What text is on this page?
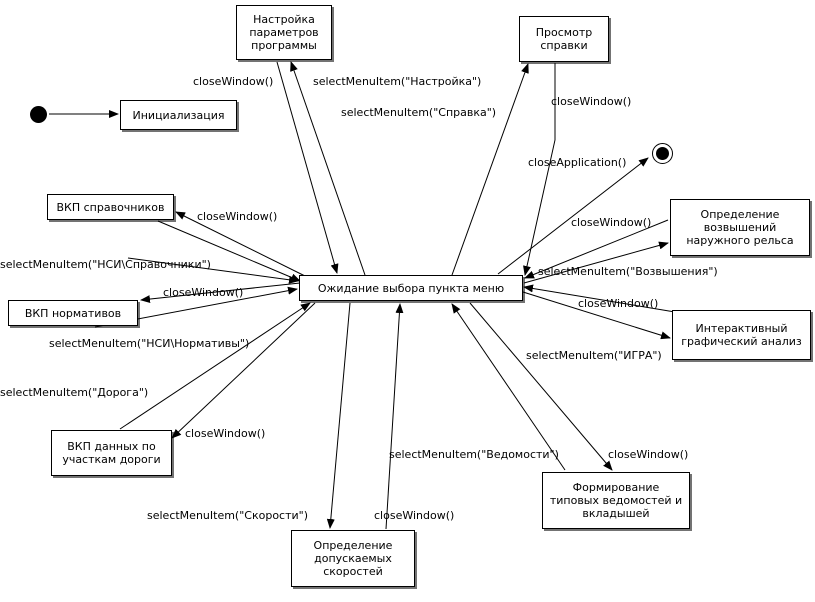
Инициализация
Настройка
параметров
программы
Просмотр
справки
Ожидание выбора пункта меню
ВКП справочников
ВКП нормативов
ВКП данных по
участкам дороги
Определение
допускаемых
скоростей
Формирование
типовых ведомостей и
вкладышей
Интерактивный
графический анализ
Определение
возвышений
наружного рельса
closeWindow()	selectMenuItem("Настройка")
selectMenuItem("Справка")
closeWindow()
closeApplication()
closeWindow()
closeWindow()
selectMenuItem("НСИ\Справочники")
selectMenuItem("Возвышения")
closeWindow()
closeWindow()
selectMenuItem("НСИ\Нормативы")
selectMenuItem("ИГРА")
selectMenuItem("Дорога")
closeWindow()
selectMenuItem("Ведомости")	closeWindow()
selectMenuItem("Скорости")	closeWindow()
